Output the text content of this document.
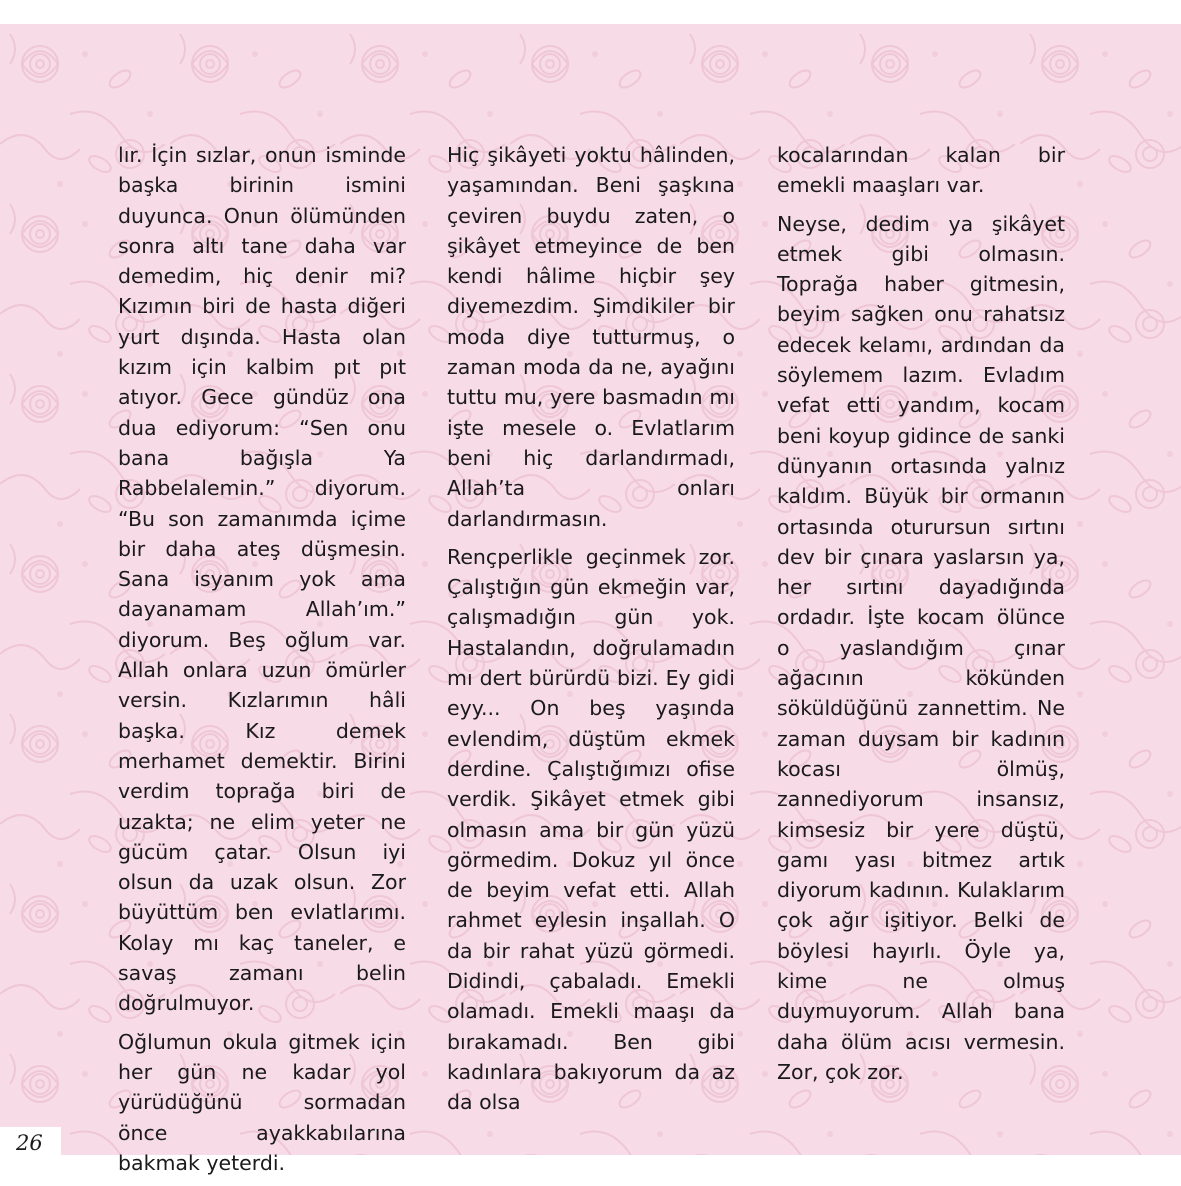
lır. İçin sızlar, onun isminde başka birinin ismini duyunca. Onun ölümünden sonra altı tane daha var demedim, hiç denir mi? Kızımın biri de hasta diğeri yurt dışında. Hasta olan kızım için kalbim pıt pıt atıyor. Gece gündüz ona dua ediyorum: “Sen onu bana bağışla Ya Rabbelalemin.” diyorum. “Bu son zamanımda içime bir daha ateş düşmesin. Sana isyanım yok ama dayanamam Allah’ım.” diyorum. Beş oğlum var. Allah onlara uzun ömürler versin. Kızlarımın hâli başka. Kız demek merhamet demektir. Birini verdim toprağa biri de uzakta; ne elim yeter ne gücüm çatar. Olsun iyi olsun da uzak olsun. Zor büyüttüm ben evlatlarımı. Kolay mı kaç taneler, e savaş zamanı belin doğrulmuyor.

Oğlumun okula gitmek için her gün ne kadar yol yürüdüğünü sormadan önce ayakkabılarına bakmak yeterdi.

Hiç şikâyeti yoktu hâlinden, yaşamından. Beni şaşkına çeviren buydu zaten, o şikâyet etmeyince de ben kendi hâlime hiçbir şey diyemezdim. Şimdikiler bir moda diye tutturmuş, o zaman moda da ne, ayağını tuttu mu, yere basmadın mı işte mesele o. Evlatlarım beni hiç darlandırmadı, Allah’ta onları darlandırmasın.

Rençperlikle geçinmek zor. Çalıştığın gün ekmeğin var, çalışmadığın gün yok. Hastalandın, doğrulamadın mı dert bürürdü bizi. Ey gidi eyy... On beş yaşında evlendim, düştüm ekmek derdine. Çalıştığımızı ofise verdik. Şikâyet etmek gibi olmasın ama bir gün yüzü görmedim. Dokuz yıl önce de beyim vefat etti. Allah rahmet eylesin inşallah. O da bir rahat yüzü görmedi. Didindi, çabaladı. Emekli olamadı. Emekli maaşı da bırakamadı. Ben gibi kadınlara bakıyorum da az da olsa

kocalarından kalan bir emekli maaşları var.

Neyse, dedim ya şikâyet etmek gibi olmasın. Toprağa haber gitmesin, beyim sağken onu rahatsız edecek kelamı, ardından da söylemem lazım. Evladım vefat etti yandım, kocam beni koyup gidince de sanki dünyanın ortasında yalnız kaldım. Büyük bir ormanın ortasında oturursun sırtını dev bir çınara yaslarsın ya, her sırtını dayadığında ordadır. İşte kocam ölünce o yaslandığım çınar ağacının kökünden söküldüğünü zannettim. Ne zaman duysam bir kadının kocası ölmüş, zannediyorum insansız, kimsesiz bir yere düştü, gamı yası bitmez artık diyorum kadının. Kulaklarım çok ağır işitiyor. Belki de böylesi hayırlı. Öyle ya, kime ne olmuş duymuyorum. Allah bana daha ölüm acısı vermesin. Zor, çok zor.

26
